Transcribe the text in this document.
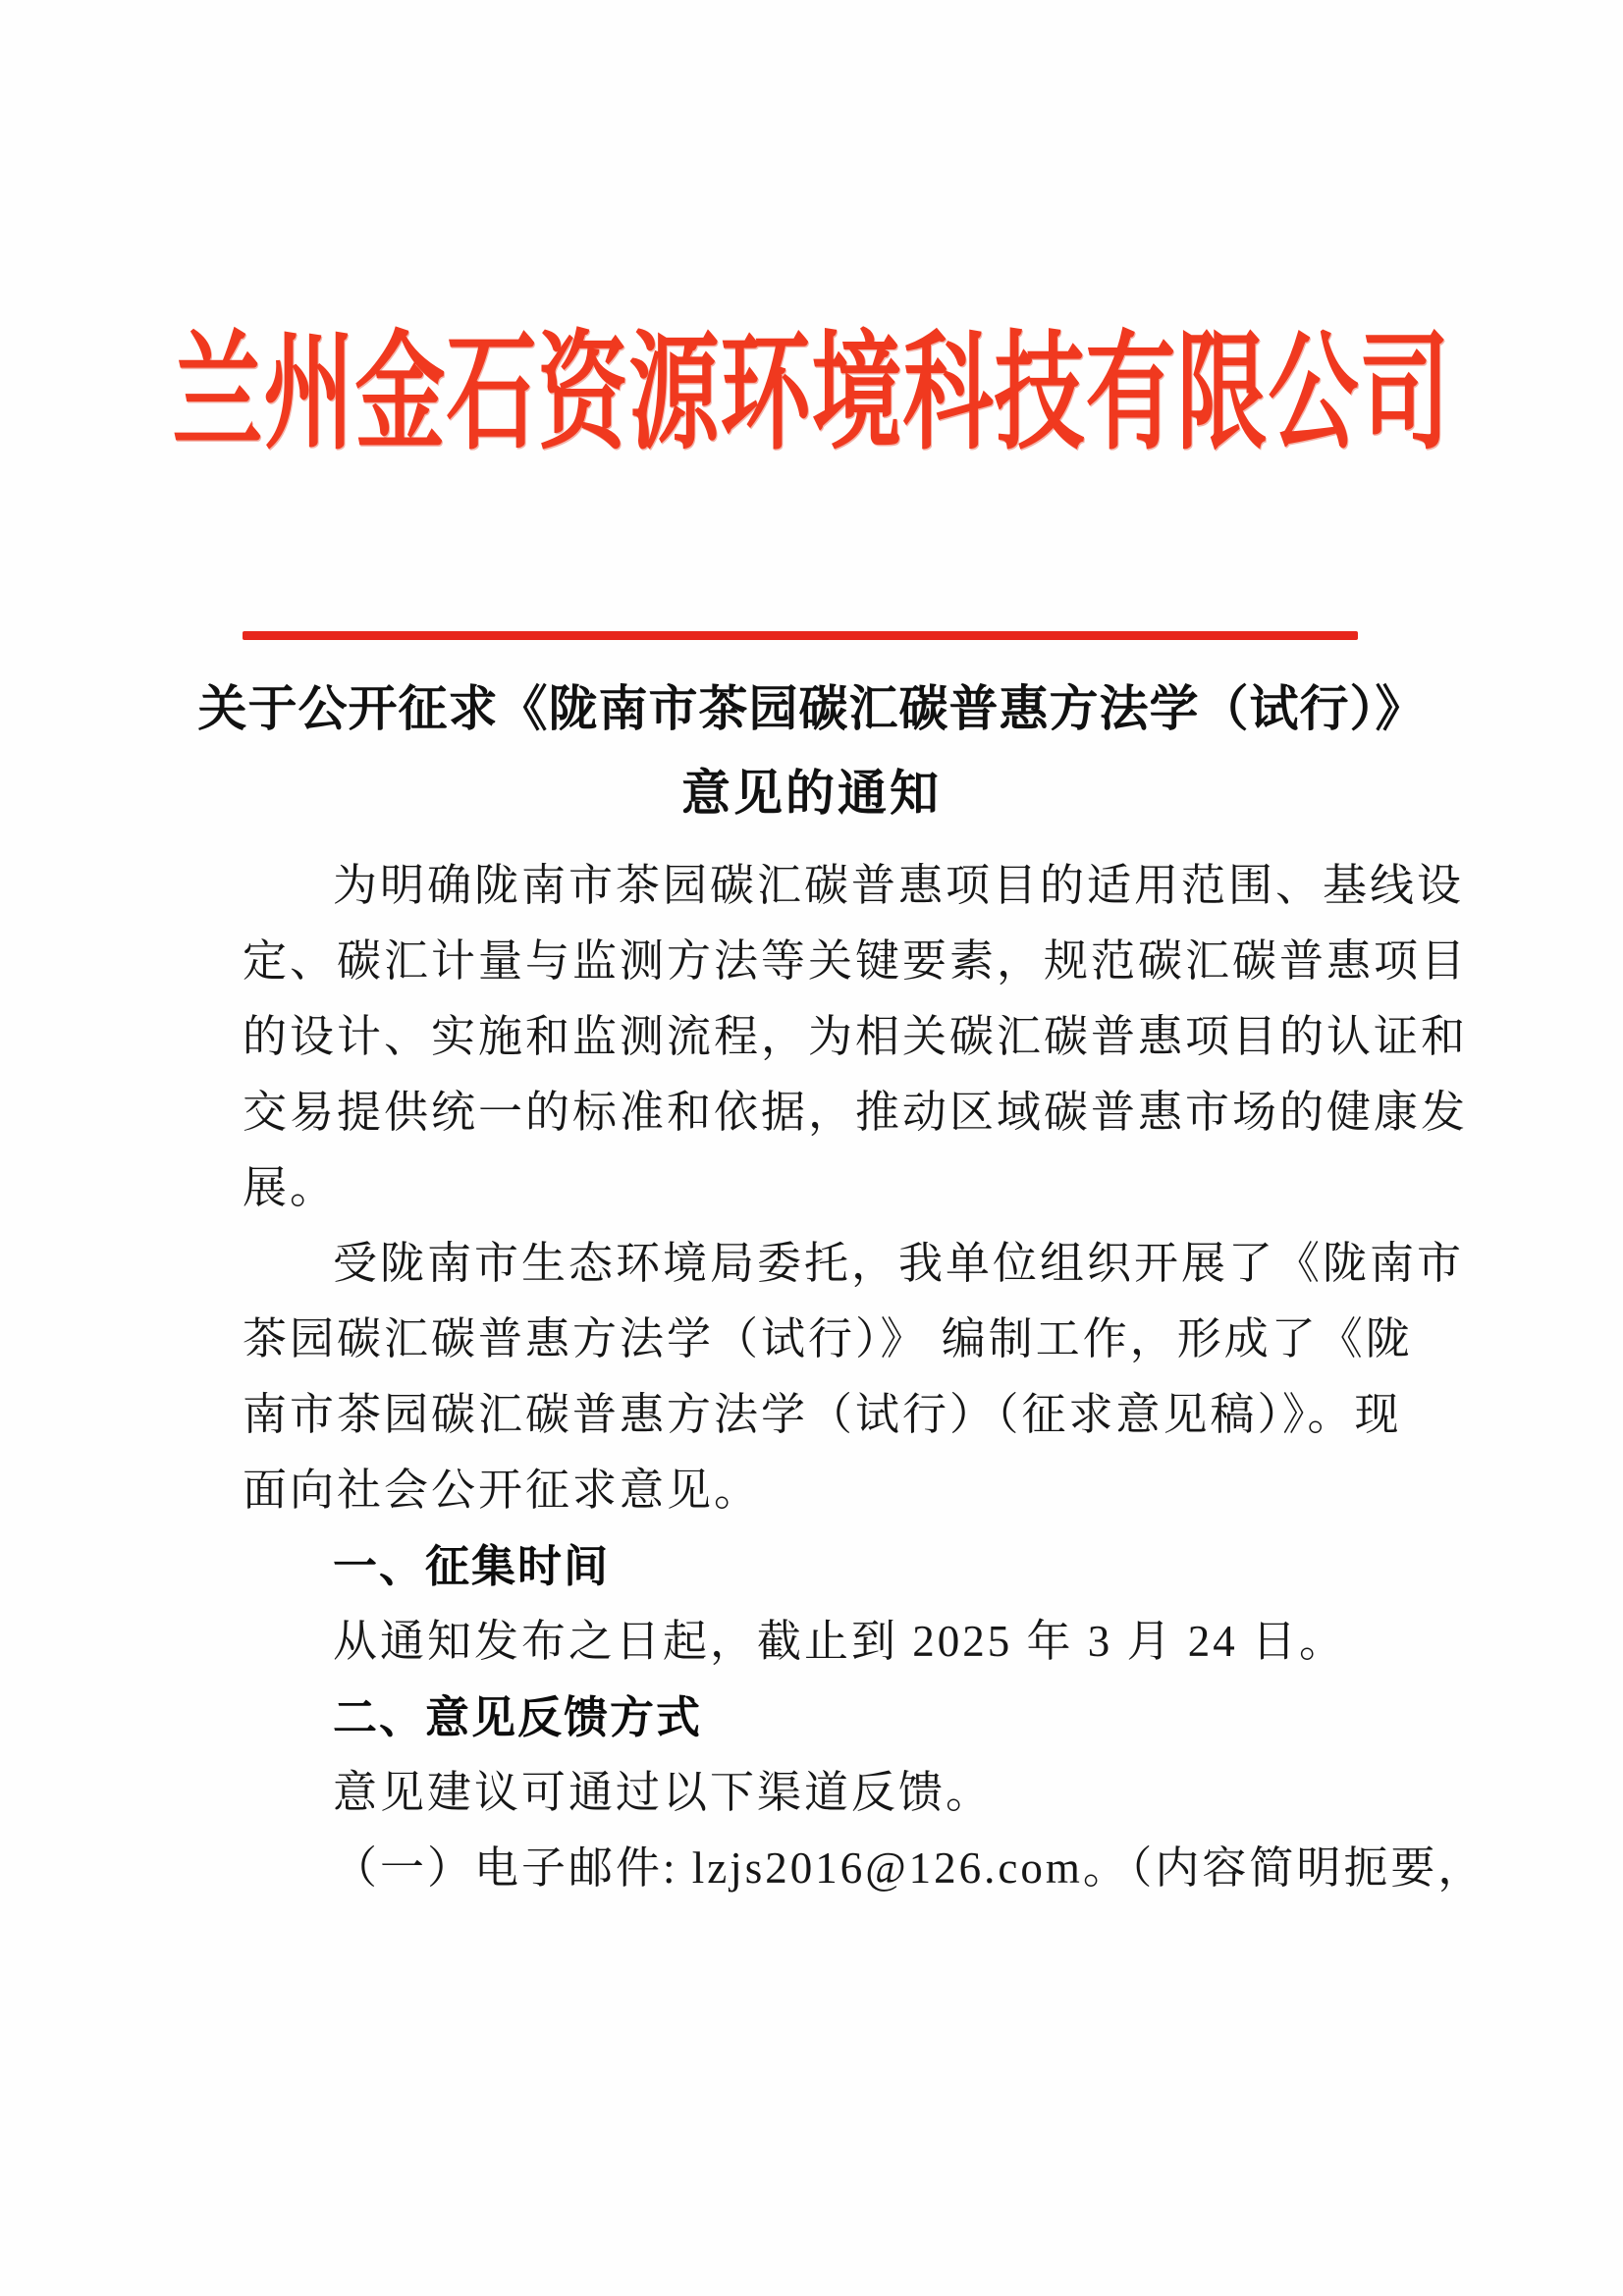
兰州金石资源环境科技有限公司
关于公开征求《陇南市茶园碳汇碳普惠方法学（试行）》
意见的通知
为明确陇南市茶园碳汇碳普惠项目的适用范围、基线设
定、碳汇计量与监测方法等关键要素，规范碳汇碳普惠项目
的设计、实施和监测流程，为相关碳汇碳普惠项目的认证和
交易提供统一的标准和依据，推动区域碳普惠市场的健康发
展。
受陇南市生态环境局委托，我单位组织开展了《陇南市
茶园碳汇碳普惠方法学（试行）》 编制工作，形成了《陇
南市茶园碳汇碳普惠方法学（试行）（征求意见稿）》。现
面向社会公开征求意见。
一、征集时间
从通知发布之日起，截止到 2025 年 3 月 24 日。
二、意见反馈方式
意见建议可通过以下渠道反馈。
（一）电子邮件: lzjs2016@126.com。（内容简明扼要，
